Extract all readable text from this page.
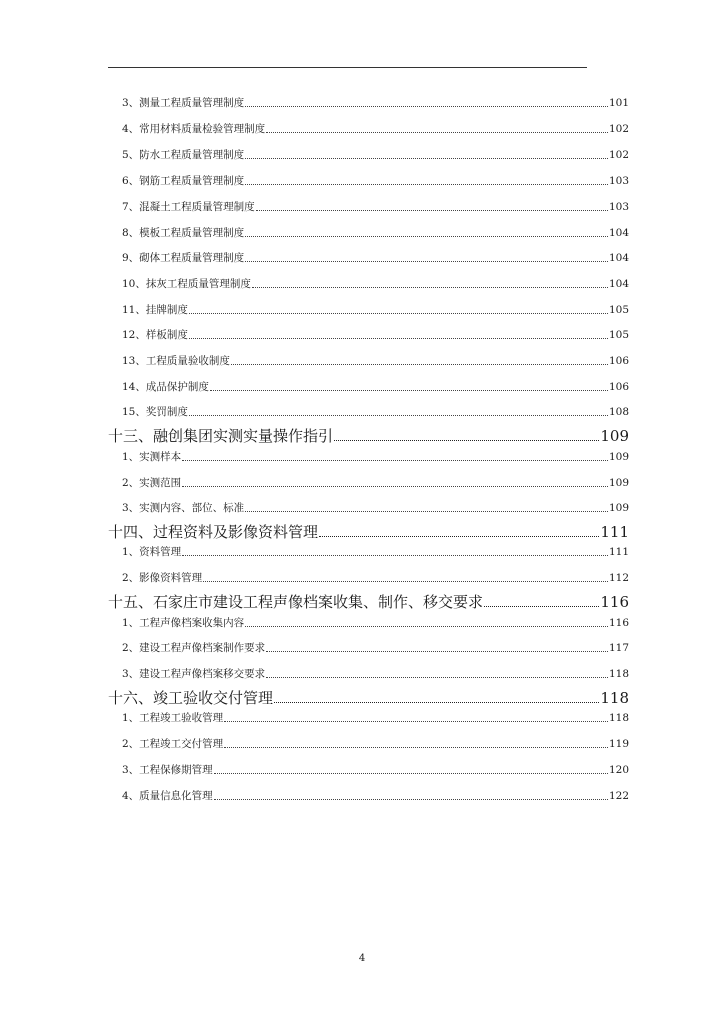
3、测量工程质量管理制度	101
4、常用材料质量检验管理制度	102
5、防水工程质量管理制度	102
6、钢筋工程质量管理制度	103
7、混凝土工程质量管理制度	103
8、模板工程质量管理制度	104
9、砌体工程质量管理制度	104
10、抹灰工程质量管理制度	104
11、挂牌制度	105
12、样板制度	105
13、工程质量验收制度	106
14、成品保护制度	106
15、奖罚制度	108
十三、融创集团实测实量操作指引	109
1、实测样本	109
2、实测范围	109
3、实测内容、部位、标准	109
十四、过程资料及影像资料管理	111
1、资料管理	111
2、影像资料管理	112
十五、石家庄市建设工程声像档案收集、制作、移交要求	116
1、工程声像档案收集内容	116
2、建设工程声像档案制作要求	117
3、建设工程声像档案移交要求	118
十六、竣工验收交付管理	118
1、工程竣工验收管理	118
2、工程竣工交付管理	119
3、工程保修期管理	120
4、质量信息化管理	122
4
